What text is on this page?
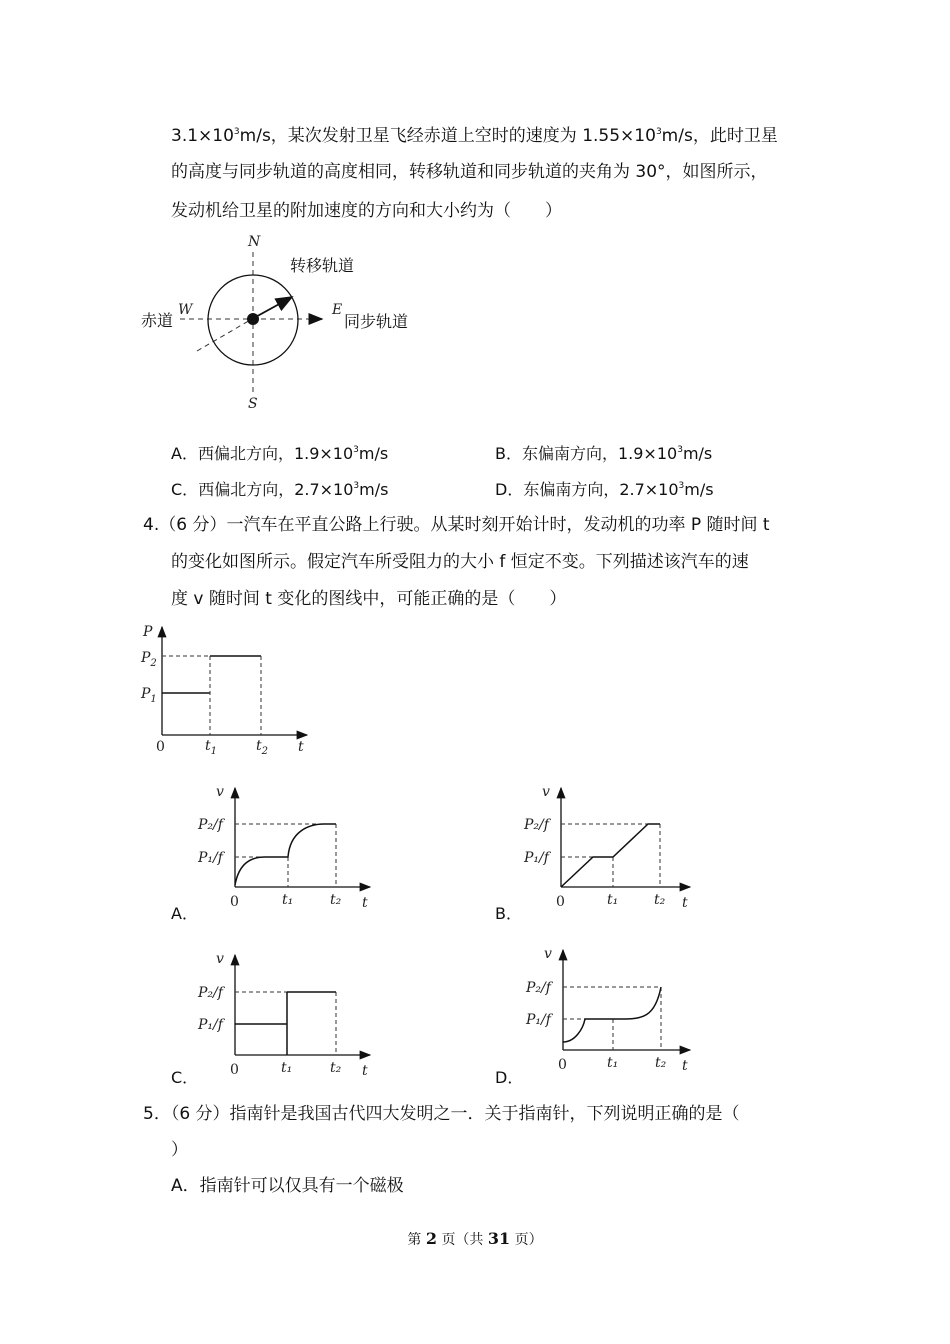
$3.1\times 10^3m/s$，某次发射卫星飞经赤道上空时的速度为 $1.55\times 10^3m/s$，此时卫星
的高度与同步轨道的高度相同，转移轨道和同步轨道的夹角为 30°，如图所示，
发动机给卫星的附加速度的方向和大小约为（　　）
N
S
W	E
赤道
转移轨道
同步轨道
A．西偏北方向，$1.9\times 10^3m/s$	B．东偏南方向，$1.9\times 10^3m/s$
C．西偏北方向，$2.7\times 10^3m/s$	D．东偏南方向，$2.7\times 10^3m/s$
4.（6 分）一汽车在平直公路上行驶。从某时刻开始计时，发动机的功率 P 随时间 t
的变化如图所示。假定汽车所受阻力的大小 f 恒定不变。下列描述该汽车的速
度 v 随时间 t 变化的图线中，可能正确的是（　　）
P
$P_2$
$P_1$
0	$t_1$	$t_2$ t
v
P₂/f
P₁/f
0	t₁	t₂ t
v
P₂/f
P₁/f
0	t₁	t₂ t
v
P₂/f
P₁/f
0	t₁	t₂ t
v
P₂/f
P₁/f
0	t₁	t₂ t
A．	B．
C．	D．
5．（6 分）指南针是我国古代四大发明之一．关于指南针，下列说明正确的是（
）
A．指南针可以仅具有一个磁极
第 2 页（共 31 页）
